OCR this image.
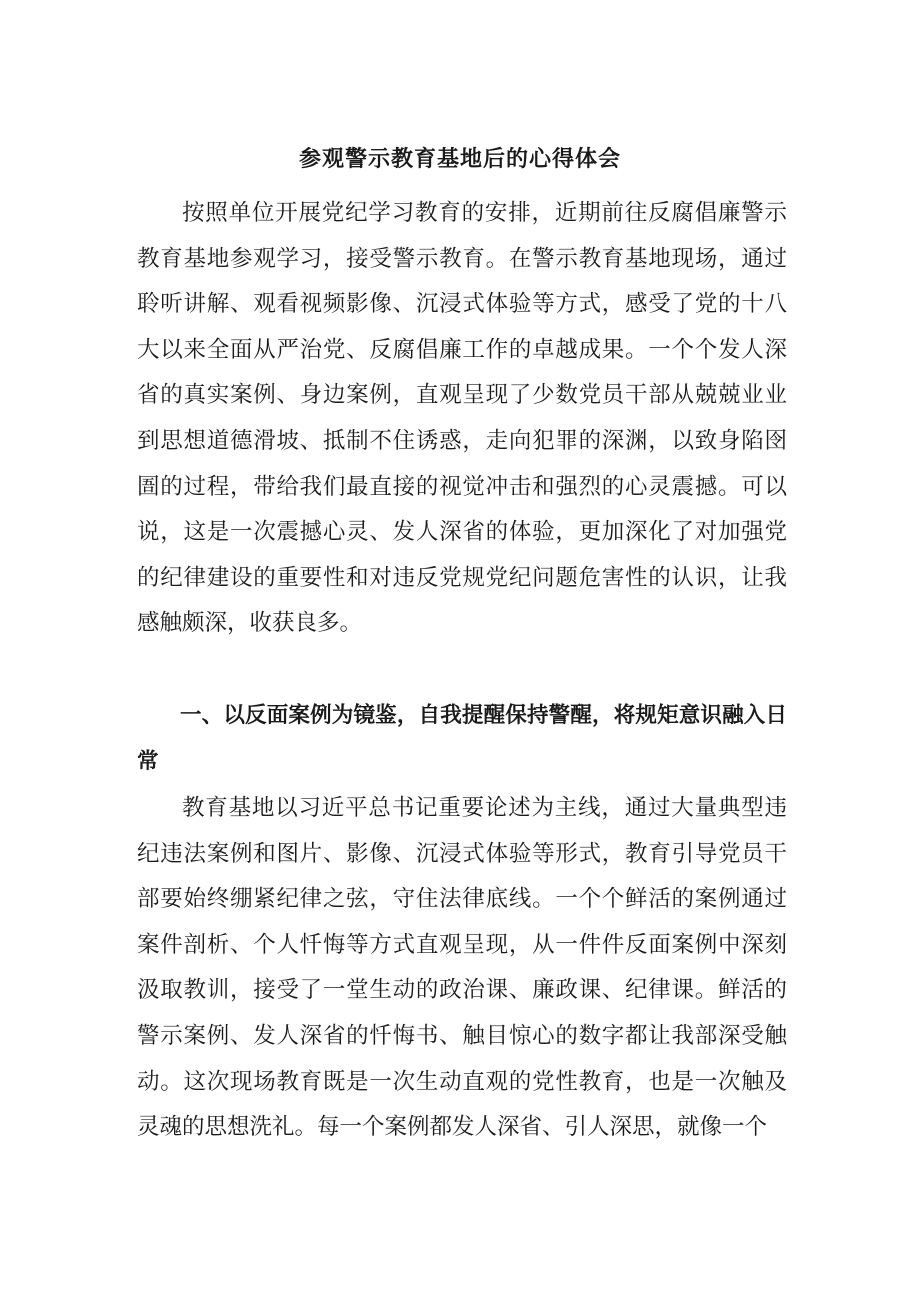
参观警示教育基地后的心得体会

按照单位开展党纪学习教育的安排，近期前往反腐倡廉警示教育基地参观学习，接受警示教育。在警示教育基地现场，通过聆听讲解、观看视频影像、沉浸式体验等方式，感受了党的十八大以来全面从严治党、反腐倡廉工作的卓越成果。一个个发人深省的真实案例、身边案例，直观呈现了少数党员干部从兢兢业业到思想道德滑坡、抵制不住诱惑，走向犯罪的深渊，以致身陷囹圄的过程，带给我们最直接的视觉冲击和强烈的心灵震撼。可以说，这是一次震撼心灵、发人深省的体验，更加深化了对加强党的纪律建设的重要性和对违反党规党纪问题危害性的认识，让我感触颇深，收获良多。

一、以反面案例为镜鉴，自我提醒保持警醒，将规矩意识融入日常

教育基地以习近平总书记重要论述为主线，通过大量典型违纪违法案例和图片、影像、沉浸式体验等形式，教育引导党员干部要始终绷紧纪律之弦，守住法律底线。一个个鲜活的案例通过案件剖析、个人忏悔等方式直观呈现，从一件件反面案例中深刻汲取教训，接受了一堂生动的政治课、廉政课、纪律课。鲜活的警示案例、发人深省的忏悔书、触目惊心的数字都让我部深受触动。这次现场教育既是一次生动直观的党性教育，也是一次触及灵魂的思想洗礼。每一个案例都发人深省、引人深思，就像一个
